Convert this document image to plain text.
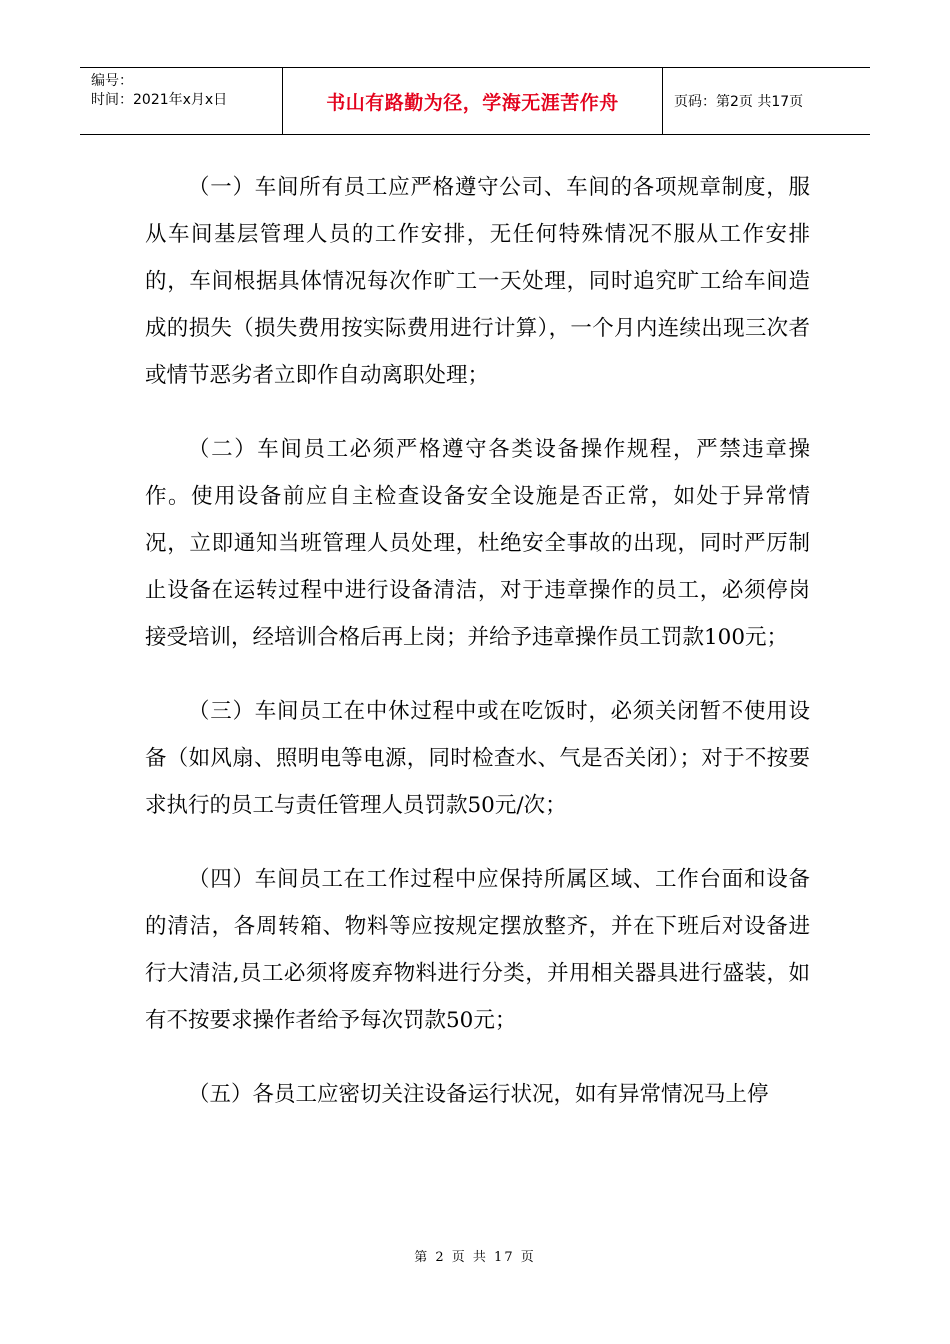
编号：
时间：2021年x月x日	书山有路勤为径，学海无涯苦作舟	页码：第2页 共17页

（一）车间所有员工应严格遵守公司、车间的各项规章制度，服从车间基层管理人员的工作安排，无任何特殊情况不服从工作安排的，车间根据具体情况每次作旷工一天处理，同时追究旷工给车间造成的损失（损失费用按实际费用进行计算），一个月内连续出现三次者或情节恶劣者立即作自动离职处理；

（二）车间员工必须严格遵守各类设备操作规程，严禁违章操作。使用设备前应自主检查设备安全设施是否正常，如处于异常情况，立即通知当班管理人员处理，杜绝安全事故的出现，同时严厉制止设备在运转过程中进行设备清洁，对于违章操作的员工，必须停岗接受培训，经培训合格后再上岗；并给予违章操作员工罚款100元；

（三）车间员工在中休过程中或在吃饭时，必须关闭暂不使用设备（如风扇、照明电等电源，同时检查水、气是否关闭）；对于不按要求执行的员工与责任管理人员罚款50元/次；

（四）车间员工在工作过程中应保持所属区域、工作台面和设备的清洁，各周转箱、物料等应按规定摆放整齐，并在下班后对设备进行大清洁,员工必须将废弃物料进行分类，并用相关器具进行盛装，如有不按要求操作者给予每次罚款50元；

（五）各员工应密切关注设备运行状况，如有异常情况马上停

第 2 页 共 17 页
